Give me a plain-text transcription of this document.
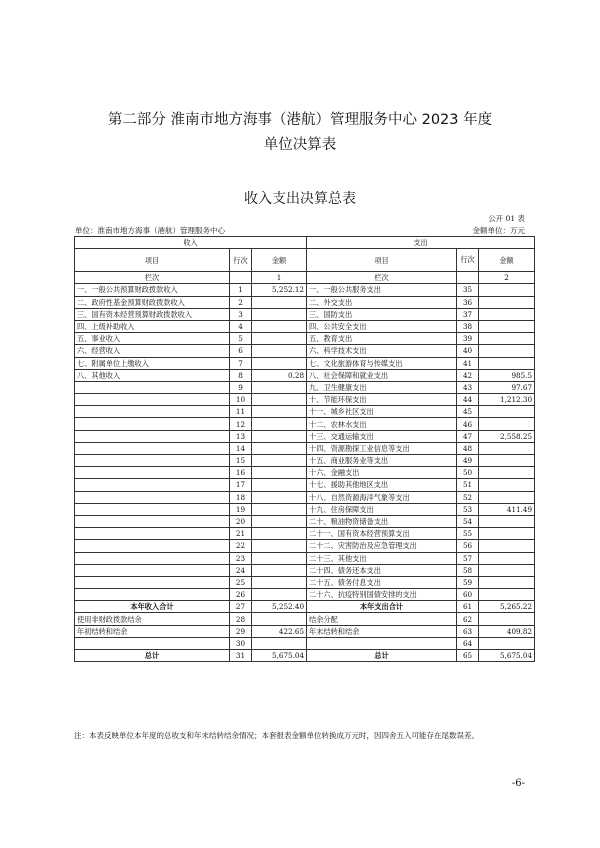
第二部分 淮南市地方海事（港航）管理服务中心 2023 年度
单位决算表
收入支出决算总表
公开 01 表
单位：淮南市地方海事（港航）管理服务中心	金额单位：万元
收入			支出		
项目	行次	金额	项目	行次	金额
栏次		1	栏次		2
一、一般公共预算财政拨款收入	1	5,252.12	一、一般公共服务支出	35	
二、政府性基金预算财政拨款收入	2		二、外交支出	36	
三、国有资本经营预算财政拨款收入	3		三、国防支出	37	
四、上级补助收入	4		四、公共安全支出	38	
五、事业收入	5		五、教育支出	39	
六、经营收入	6		六、科学技术支出	40	
七、附属单位上缴收入	7		七、文化旅游体育与传媒支出	41	
八、其他收入	8	0.28	八、社会保障和就业支出	42	985.5
	9		九、卫生健康支出	43	97.67
	10		十、节能环保支出	44	1,212.30
	11		十一、城乡社区支出	45	
	12		十二、农林水支出	46	
	13		十三、交通运输支出	47	2,558.25
	14		十四、资源勘探工业信息等支出	48	
	15		十五、商业服务业等支出	49	
	16		十六、金融支出	50	
	17		十七、援助其他地区支出	51	
	18		十八、自然资源海洋气象等支出	52	
	19		十九、住房保障支出	53	411.49
	20		二十、粮油物资储备支出	54	
	21		二十一、国有资本经营预算支出	55	
	22		二十二、灾害防治及应急管理支出	56	
	23		二十三、其他支出	57	
	24		二十四、债务还本支出	58	
	25		二十五、债务付息支出	59	
	26		二十六、抗疫特别国债安排的支出	60	
本年收入合计	27	5,252.40	本年支出合计	61	5,265.22
使用非财政拨款结余	28		结余分配	62	
年初结转和结余	29	422.65	年末结转和结余	63	409.82
	30			64	
总计	31	5,675.04	总计	65	5,675.04
注：本表反映单位本年度的总收支和年末结转结余情况；本套报表金额单位转换成万元时，因四舍五入可能存在尾数误差。
-6-
